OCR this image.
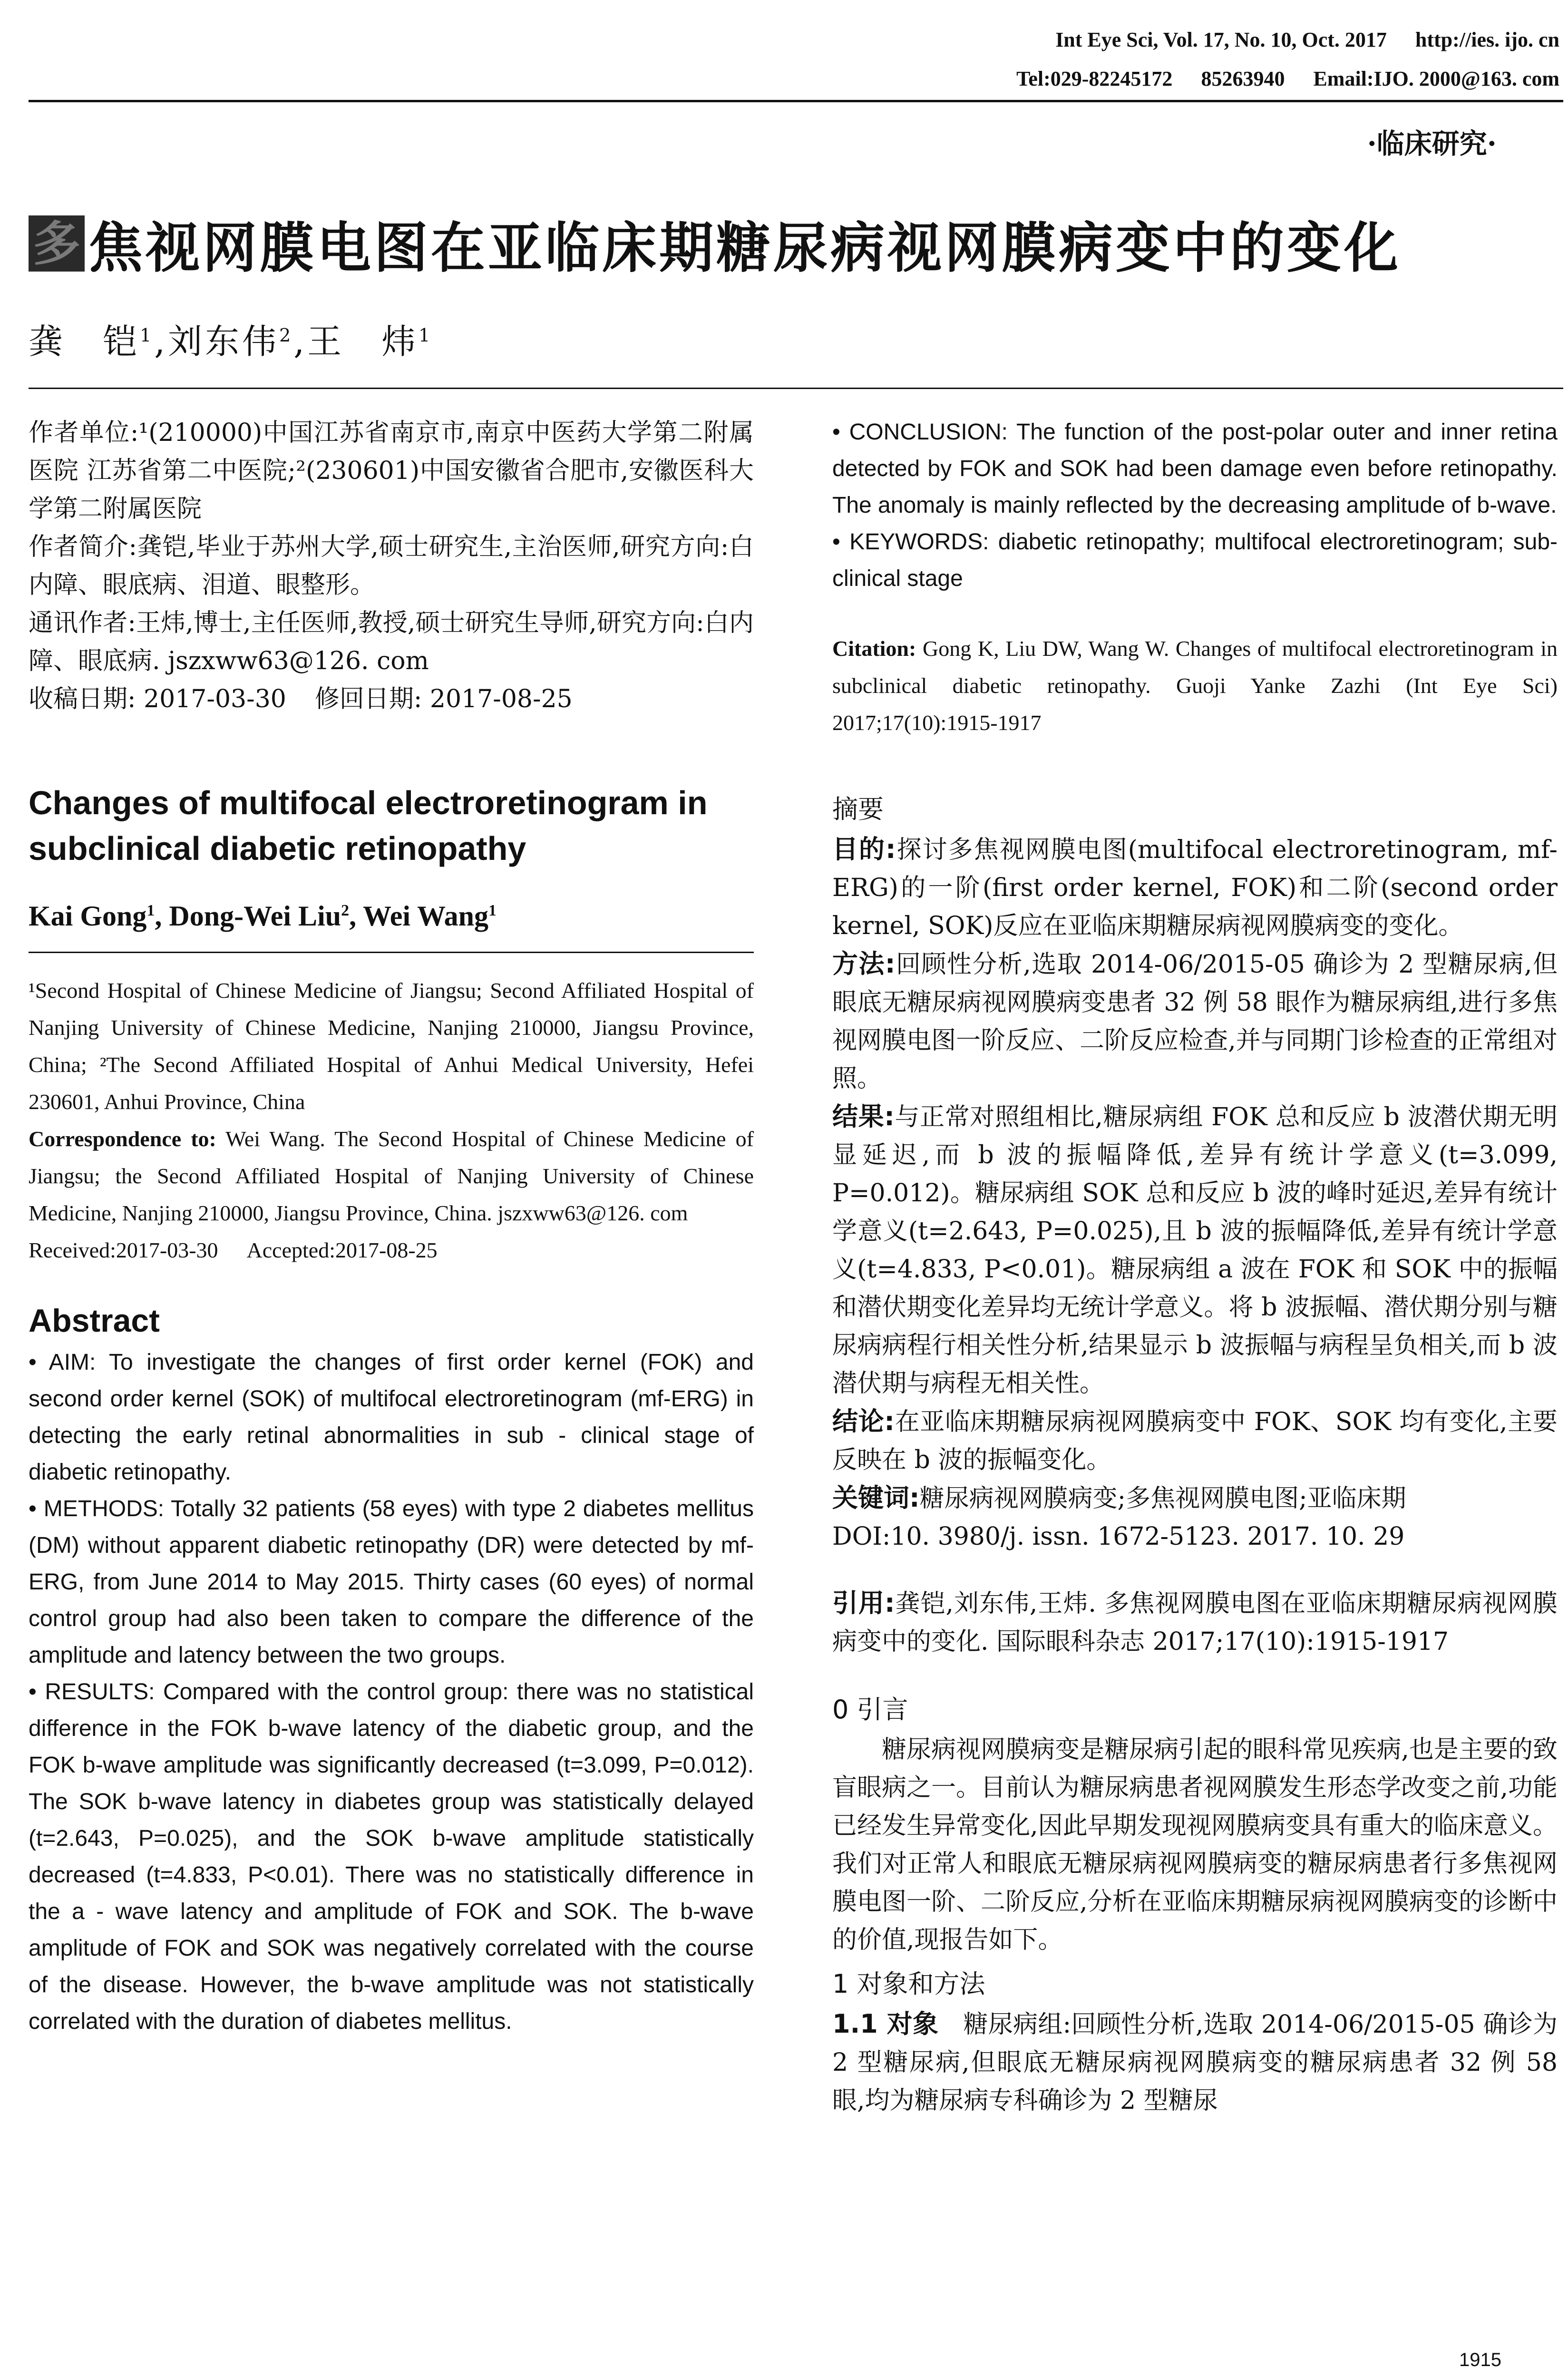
Int Eye Sci, Vol. 17, No. 10, Oct. 2017 http://ies. ijo. cn
Tel:029-82245172 85263940 Email:IJO. 2000@163. com
·临床研究·
多 焦视网膜电图在亚临床期糖尿病视网膜病变中的变化
龚　铠$^1$,刘东伟$^2$,王　炜$^1$

作者单位:¹(210000)中国江苏省南京市,南京中医药大学第二附属医院 江苏省第二中医院;²(230601)中国安徽省合肥市,安徽医科大学第二附属医院

作者简介:龚铠,毕业于苏州大学,硕士研究生,主治医师,研究方向:白内障、眼底病、泪道、眼整形。

通讯作者:王炜,博士,主任医师,教授,硕士研究生导师,研究方向:白内障、眼底病. jszxww63@126. com

收稿日期: 2017-03-30 修回日期: 2017-08-25

Changes of multifocal electroretinogram in subclinical diabetic retinopathy
Kai Gong$^1$, Dong-Wei Liu$^2$, Wei Wang$^1$

¹Second Hospital of Chinese Medicine of Jiangsu; Second Affiliated Hospital of Nanjing University of Chinese Medicine, Nanjing 210000, Jiangsu Province, China; ²The Second Affiliated Hospital of Anhui Medical University, Hefei 230601, Anhui Province, China

Correspondence to: Wei Wang. The Second Hospital of Chinese Medicine of Jiangsu; the Second Affiliated Hospital of Nanjing University of Chinese Medicine, Nanjing 210000, Jiangsu Province, China. jszxww63@126. com

Received:2017-03-30 Accepted:2017-08-25

Abstract

• AIM: To investigate the changes of first order kernel (FOK) and second order kernel (SOK) of multifocal electroretinogram (mf-ERG) in detecting the early retinal abnormalities in sub - clinical stage of diabetic retinopathy.

• METHODS: Totally 32 patients (58 eyes) with type 2 diabetes mellitus (DM) without apparent diabetic retinopathy (DR) were detected by mf-ERG, from June 2014 to May 2015. Thirty cases (60 eyes) of normal control group had also been taken to compare the difference of the amplitude and latency between the two groups.

• RESULTS: Compared with the control group: there was no statistical difference in the FOK b-wave latency of the diabetic group, and the FOK b-wave amplitude was significantly decreased (t=3.099, P=0.012). The SOK b-wave latency in diabetes group was statistically delayed (t=2.643, P=0.025), and the SOK b-wave amplitude statistically decreased (t=4.833, P<0.01). There was no statistically difference in the a - wave latency and amplitude of FOK and SOK. The b-wave amplitude of FOK and SOK was negatively correlated with the course of the disease. However, the b-wave amplitude was not statistically correlated with the duration of diabetes mellitus.

• CONCLUSION: The function of the post-polar outer and inner retina detected by FOK and SOK had been damage even before retinopathy. The anomaly is mainly reflected by the decreasing amplitude of b-wave.

• KEYWORDS: diabetic retinopathy; multifocal electroretinogram; sub-clinical stage

Citation: Gong K, Liu DW, Wang W. Changes of multifocal electroretinogram in subclinical diabetic retinopathy. Guoji Yanke Zazhi (Int Eye Sci) 2017;17(10):1915-1917

摘要

目的:探讨多焦视网膜电图(multifocal electroretinogram, mf-ERG)的一阶(first order kernel, FOK)和二阶(second order kernel, SOK)反应在亚临床期糖尿病视网膜病变的变化。

方法:回顾性分析,选取 2014-06/2015-05 确诊为 2 型糖尿病,但眼底无糖尿病视网膜病变患者 32 例 58 眼作为糖尿病组,进行多焦视网膜电图一阶反应、二阶反应检查,并与同期门诊检查的正常组对照。

结果:与正常对照组相比,糖尿病组 FOK 总和反应 b 波潜伏期无明显延迟,而 b 波的振幅降低,差异有统计学意义(t=3.099, P=0.012)。糖尿病组 SOK 总和反应 b 波的峰时延迟,差异有统计学意义(t=2.643, P=0.025),且 b 波的振幅降低,差异有统计学意义(t=4.833, P<0.01)。糖尿病组 a 波在 FOK 和 SOK 中的振幅和潜伏期变化差异均无统计学意义。将 b 波振幅、潜伏期分别与糖尿病病程行相关性分析,结果显示 b 波振幅与病程呈负相关,而 b 波潜伏期与病程无相关性。

结论:在亚临床期糖尿病视网膜病变中 FOK、SOK 均有变化,主要反映在 b 波的振幅变化。

关键词:糖尿病视网膜病变;多焦视网膜电图;亚临床期

DOI:10. 3980/j. issn. 1672-5123. 2017. 10. 29

引用:龚铠,刘东伟,王炜. 多焦视网膜电图在亚临床期糖尿病视网膜病变中的变化. 国际眼科杂志 2017;17(10):1915-1917

0 引言

糖尿病视网膜病变是糖尿病引起的眼科常见疾病,也是主要的致盲眼病之一。目前认为糖尿病患者视网膜发生形态学改变之前,功能已经发生异常变化,因此早期发现视网膜病变具有重大的临床意义。我们对正常人和眼底无糖尿病视网膜病变的糖尿病患者行多焦视网膜电图一阶、二阶反应,分析在亚临床期糖尿病视网膜病变的诊断中的价值,现报告如下。

1 对象和方法

1.1 对象　糖尿病组:回顾性分析,选取 2014-06/2015-05 确诊为 2 型糖尿病,但眼底无糖尿病视网膜病变的糖尿病患者 32 例 58 眼,均为糖尿病专科确诊为 2 型糖尿

1915
